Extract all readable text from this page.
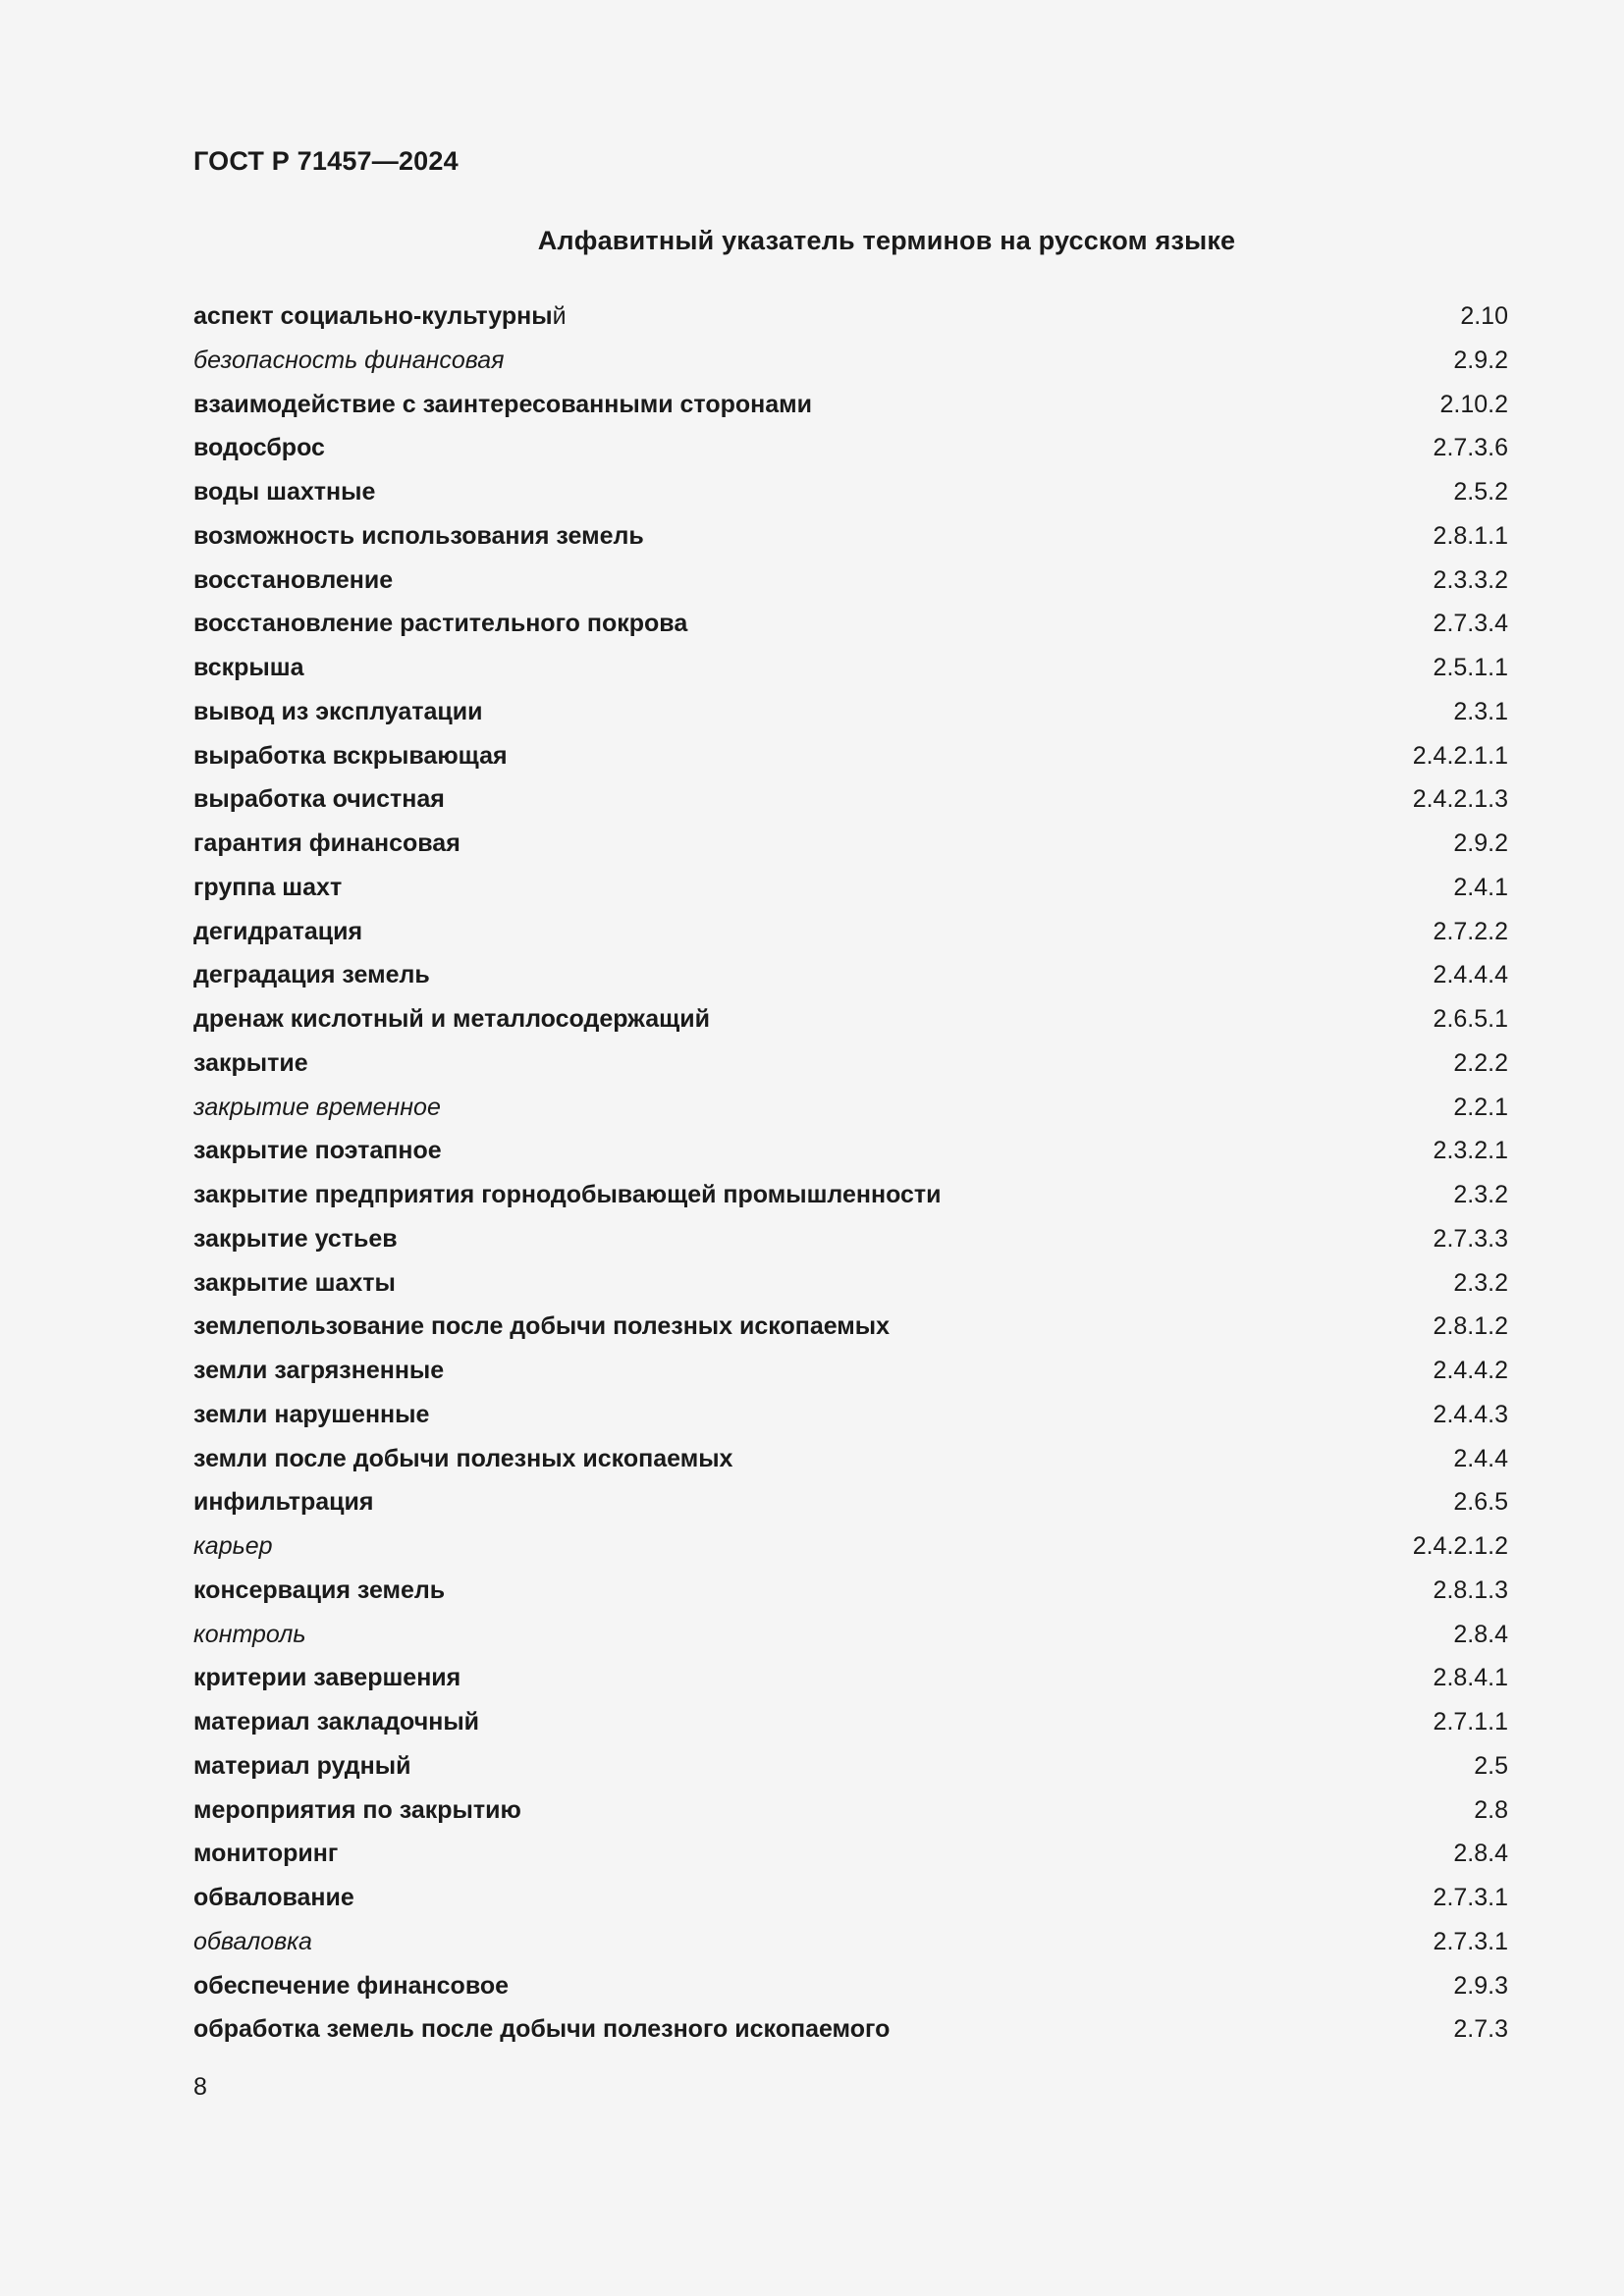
ГОСТ Р 71457—2024
Алфавитный указатель терминов на русском языке
аспект социально-культурный	2.10
безопасность финансовая	2.9.2
взаимодействие с заинтересованными сторонами	2.10.2
водосброс	2.7.3.6
воды шахтные	2.5.2
возможность использования земель	2.8.1.1
восстановление	2.3.3.2
восстановление растительного покрова	2.7.3.4
вскрыша	2.5.1.1
вывод из эксплуатации	2.3.1
выработка вскрывающая	2.4.2.1.1
выработка очистная	2.4.2.1.3
гарантия финансовая	2.9.2
группа шахт	2.4.1
дегидратация	2.7.2.2
деградация земель	2.4.4.4
дренаж кислотный и металлосодержащий	2.6.5.1
закрытие	2.2.2
закрытие временное	2.2.1
закрытие поэтапное	2.3.2.1
закрытие предприятия горнодобывающей промышленности	2.3.2
закрытие устьев	2.7.3.3
закрытие шахты	2.3.2
землепользование после добычи полезных ископаемых	2.8.1.2
земли загрязненные	2.4.4.2
земли нарушенные	2.4.4.3
земли после добычи полезных ископаемых	2.4.4
инфильтрация	2.6.5
карьер	2.4.2.1.2
консервация земель	2.8.1.3
контроль	2.8.4
критерии завершения	2.8.4.1
материал закладочный	2.7.1.1
материал рудный	2.5
мероприятия по закрытию	2.8
мониторинг	2.8.4
обвалование	2.7.3.1
обваловка	2.7.3.1
обеспечение финансовое	2.9.3
обработка земель после добычи полезного ископаемого	2.7.3
8
